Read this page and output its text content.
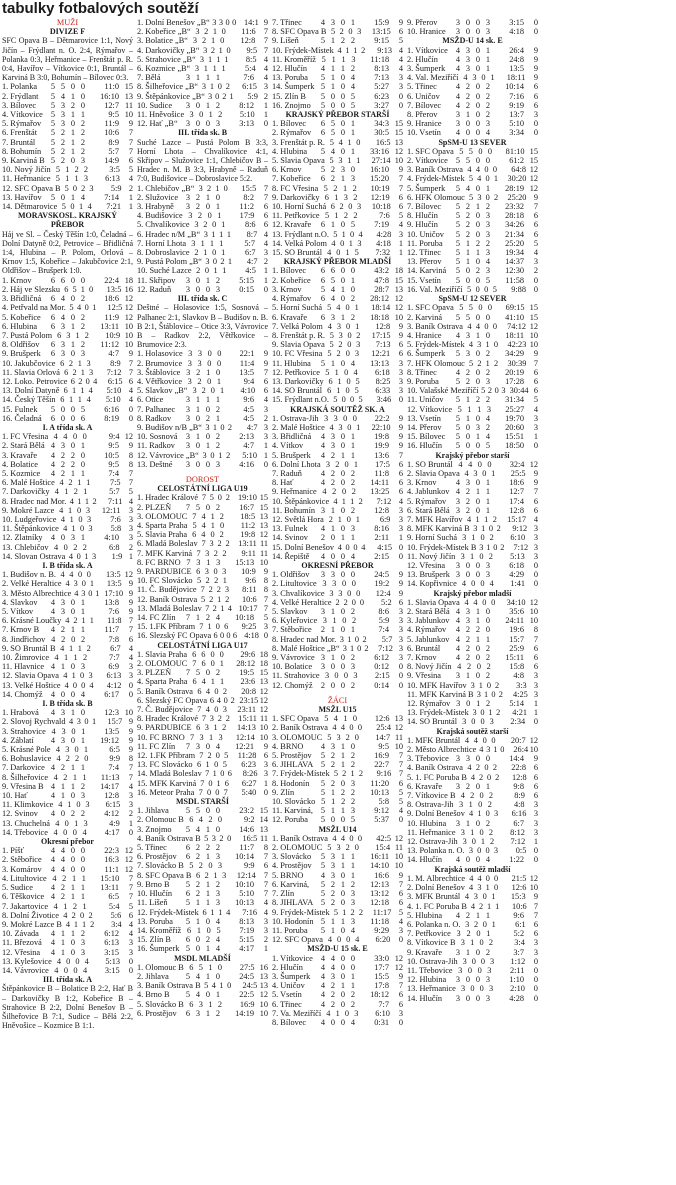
tabulky fotbalových soutěží
MUŽI
DIVIZE F

SFC Opava B – Dětmarovice 1:1, Nový Jičín – Frýdlant n. O. 2:4, Rýmařov – Polanka 0:3, Heřmanice – Frenštát p. R. 0:4, Havířov – Vítkovice 0:1, Bruntál – Karviná B 3:0, Bohumín – Bílovec 0:3.

1. Polanka	5 5 0 0	11:0 15
2. Frýdlant	5 4 1 0	16:10 13
3. Bílovec	5 3 2 0	12:7 11
4. Vítkovice 5 3 1 1	9:5 10
5. Rýmařov	5 3 0 2	11:9	9
6. Frenštát	5 2 1 2	10:6	7
7. Bruntál	5 2 1 2	8:9	7
8. Bohumín	5 2 1 2	5:7	7
9. Karviná B 5 2 0 3	14:9	6
10. Nový Jičín 5 1 2 2	3:5	5
11. Heřmanice 5 1 1 3	6:13	4
12. SFC Opava B 5 0 2 3	5:9 2
13. Havířov	5 0 1 4	7:14	1
14. Dětmarovice 5 0 1 4	7:21 1
MORAVSKOSL. KRAJSKÝ PŘEBOR

Háj ve Sl. – Český Těšín 1:0, Čeladná – Dolní Datyně 0:2, Petrovice – Břidličná 1:4, Hlubina – P. Polom, Orlová – Krnov 1:5, Kobeřice – Jakubčovice 2:1, Oldřišov – Brušperk 1:0.

1. Krnov	6 6 0 0	22:4 18
2. Háj ve Slezsku 6 5 1 0	13:5 16
3. Břidličná	6 4 0 2	18:6 12
4. Petřvald na Mor. 5 4 0 1	12:5 12
5. Kobeřice	6 4 0 2	11:9 12
6. Hlubina	6 3 1 2	13:11 10
7. Pustá Polom 6 3 1 2	10:9 10
8. Oldřišov	6 3 1 2	11:12 10
9. Brušperk	6 3 0 3	4:7	9
10. Jakubčovice 6 2 1 3	8:9 7
11. Slavia Orlová 6 2 1 3	7:12 7
12. Loko. Petrovice 6 2 0 4	6:15 6
13. Dolní Datyně 6 1 1 4	5:10 4
14. Český Těšín 6 1 1 4	5:10 4
15. Fulnek	5 0 0 5	6:16	0
16. Čeladná	6 0 0 6	8:19	0
I. A třída sk. A
1. FC Vřesina 4 4 0 0	9:4 12
2. Stará Bělá 4 3 0 1	9:5	9
3. Kravaře	4 2 2 0	10:5	8
4. Bolatice	4 2 2 0	9:5	8
5. Kozmice	4 2 1 1	7:4	7
6. Malé Hoštice 4 2 1 1	7:5 7
7. Darkovičky 4 1 2 1	5:7	5
8. Hradec nad Mor. 4 1 1 2	7:11 4
9. Mokré Lazce 4 1 0 3	12:11	3
10. Ludgeřovice 4 1 0 3	7:6 3
11. Štěpánkovice 4 1 0 3	5:8 3
12. Zlatníky 4 0 3 1	4:10	3
13. Chlebičov 4 0 2 2	6:8	2
14. Slovan Ostrava 4 0 1 3	1:9 1
I. B třída sk. A
1. Budišov n. B. 4 4 0 0	13:5 12
2. Velké Heraltice 4 3 0 1	13:5 9
3. Město Albrechtice 4 3 0 1 17:10 9
4. Slavkov	4 3 0 1	13:8	9
5. Vítkov	4 3 0 1	7:6	9
6. Krásné Loučky 4 2 1 1	11:8 7
7. Krnov B	4 2 1 1	11:7	7
8. Jindřichov 4 2 0 2	7:8	6
9. SO Bruntál B 4 1 1 2	6:7 4
10. Žimrovice 4 1 1 2	7:7	4
11. Hlavnice 4 1 0 3	6:9	3
12. Slavia Opava 4 1 0 3	6:13 3
13. Velké Hoštice 4 0 0 4	4:12 0
14. Chomýž 4 0 0 4	6:17	0
I. B třída sk. B
1. Hrabová	4 3 1 0	12:3 10
2. Slovoj Rychvald 4 3 0 1	15:7 9
3. Strahovice 4 3 0 1	13:5	9
4. Záblatí	4 3 0 1	19:12	9
5. Krásné Pole 4 3 0 1	6:5	9
6. Bohuslavice 4 2 2 0	9:9	8
7. Darkovice 4 2 1 1	7:4	7
8. Šilheřovice 4 2 1 1	11:13	7
9. Vřesina B 4 1 1 2	14:17	4
10. Hať	4 1 0 3	12:8	3
11. Klimkovice 4 1 0 3	6:15	3
12. Svinov	4 0 2 2	4:12	2
13. Chuchelná 4 0 1 3	4:9	1
14. Třebovice 4 0 0 4	4:17	0
Okresní přebor
1. Píšť	4 4 0 0	22:3 12
2. Stěbořice	4 4 0 0	16:3 12
3. Komárov	4 4 0 0	11:1 12
4. Litultovice 4 2 1 1	15:10	7
5. Sudice	4 2 1 1	13:11	7
6. Těškovice 4 2 1 1	6:5	7
7. Jakartovice 4 1 2 1	5:4	5
8. Dolní Životice 4 2 0 2	5:6 6
9. Mokré Lazce B 4 1 1 2	3:4 4
10. Závada	4 1 1 2	6:12	4
11. Březová	4 1 0 3	6:13	3
12. Vřesina	4 1 0 3	3:15	3
13. Kylešovice 4 0 0 4	5:13	0
14. Vávrovice 4 0 0 4	3:15	0
III. třída sk. A

Štěpánkovice B – Bolatice B 2:2, Hať B – Darkovičky B 1:2, Kobeřice B – Strahovice B 2:2, Dolní Benešov B – Šilheřovice B 7:1, Sudice – Bělá 2:2, Hněvošice – Kozmice B 1:1.

1. Dolní Benešov „B“ 3 3 0 0 14:1 9
2. Kobeřice „B“ 3 2 1 0	11:6 7
3. Bolatice „B“ 3 2 1 0	12:8	7
4. Darkovičky „B“ 3 2 1 0	9:5 7
5. Strahovice „B“ 3 1 1 1	8:5 4
6. Kozmice „B“ 3 1 1 1	5:4 4
7. Bělá	3 1 1 1	7:6	4
8. Šilheřovice „B“ 3 1 0 2	6:15 3
9. Štěpánkovice „B“ 3 0 2 1	5:9 2
10. Sudice	3 0 1 2	8:12	1
11. Hněvošice 3 0 1 2	5:10	1
12. Hať „B“ 3 0 0 3	3:13	0
III. třída sk. B

Suché Lazce – Pustá Polom B 3:3, Horní Lhota – Chvalíkovice 4:1, Skřipov – Služovice 1:1, Chlebičov B – Hradec n. M. B 3:3, Hrabyně – Raduň 7:0, Budišovice – Dobroslavice 5:2.

1. Chlebičov „B“ 3 2 1 0	15:5 7
2. Služovice 3 2 1 0	8:2	7
3. Hrabyně	3 2 0 1	11:2	6
4. Budišovice 3 2 0 1	17:9	6
5. Chvalíkovice 3 2 0 1	8:6	6
6. Hradec n/M „B“ 3 1 1 1	8:7 4
7. Horní Lhota 3 1 1 1	5:7	4
8. Dobroslavice 2 1 0 1	6:7	3
9. Pustá Polom „B“ 3 0 2 1	4:7 2
10. Suché Lazce 2 0 1 1	4:5 1
11. Skřipov	3 0 1 2	5:15	1
12. Raduň	3 0 0 3	0:15	0
III. třída sk. C

Deštné – Holasovice 1:5, Sosnová – Palhanec 2:1, Slavkov B – Budišov n. B. B 2:1, Štáblovice – Otice 3:3, Vávrovice B – Radkov 2:2, Větřkovice – Brumovice 2:3.

1. Holasovice 3 3 0 0	22:1	9
2. Brumovice 3 3 0 0	11:4	9
3. Štáblovice 3 2 1 0	13:5	7
4. Větřkovice 3 2 0 1	9:4	6
5. Slavkov „B“ 3 2 0 1	4:10	6
6. Otice	3 1 1 1	9:6	4
7. Palhanec	3 1 0 2	4:5	3
8. Radkov	3 0 2 1	4:5	2
9. Budišov n/B „B“ 3 1 0 2	4:7 3
10. Sosnová 3 1 0 2	2:13	3
11. Radkov	3 0 1 2	4:7	1
12. Vávrovice „B“ 3 0 1 2	5:10 1
13. Deštné	3 0 0 3	4:16	0
DOROST
CELOSTÁTNÍ LIGA U19
1. Hradec Králové 7 5 0 2 19:10 15
2. PLZEŇ	7 5 0 2	16:7 15
3. OLOMOUC 7 4 1 2	18:5 13
4. Sparta Praha 5 4 1 0	11:2 13
5. Slavia Praha 6 4 0 2	19:8 12
6. Mladá Boleslav 7 3 2 2	13:11 11
7. MFK Karviná 7 3 2 2	9:11 11
8. FC BRNO 7 3 1 3	15:13 10
9. PARDUBICE 6 3 0 3	10:9 9
10. FC Slovácko 5 2 2 1	9:6 8
11. Č. Budějovice 7 2 2 3	8:11 8
12. Baník Ostrava 5 2 1 2	10:6 7
13. Mladá Boleslav 7 2 1 4 10:17 7
14. FC Zlín	7 1 2 4	10:18	5
15. 1.FK Příbram 7 1 0 6	9:25 3
16. Slezský FC Opava 6 0 0 6 4:18 0
CELOSTÁTNÍ LIGA U17
1. Slavia Praha 6 6 0 0	29:6 18
2. OLOMOUC 7 6 0 1	28:12 18
3. PLZEŇ	7 5 0 2	19:5 15
4. Sparta Praha 6 4 1 1	23:6 13
5. Baník Ostrava 6 4 0 2	20:8 12
6. Slezský FC Opava 6 4 0 2 23:15 12
7. Č. Budějovice 7 4 0 3	23:11 12
8. Hradec Králové 7 3 2 2	15:11 11
9. PARDUBICE 6 3 1 2	14:13 10
10. FC BRNO 7 3 1 3	12:14 10
11. FC Zlín	7 3 0 4	12:21	9
12. 1.FK Příbram 7 2 0 5	11:28 6
13. FC Slovácko 6 1 0 5	6:23 3
14. Mladá Boleslav 7 1 0 6	8:26 3
15. MFK Karviná 7 0 1 6	6:27 1
16. Meteor Praha 7 0 0 7	5:40 0
MSDL STARŠÍ
1. Jihlava	5 5 0 0	23:2 15
2. Olomouc B 6 4 2 0	9:2 14
3. Znojmo	5 4 1 0	14:6 13
4. Baník Ostrava B 5 3 2 0	16:5 11
5. Třinec	6 2 2 2	11:7	8
6. Prostějov	6 2 1 3	10:14	7
7. Slovácko B 5 2 0 3	9:9	6
8. SFC Opava B 6 2 1 3	12:14 7
9. Brno B	5 2 1 2	10:10	7
10. Hlučín	6 2 1 3	5:10	7
11. Líšeň	5 1 1 3	10:13	4
12. Frýdek-Místek 6 1 1 4	7:16 4
13. Poruba	5 1 0 4	8:13	3
14. Kroměříž 6 1 0 5	7:19	3
15. Zlín B	6 0 2 4	5:15	2
16. Šumperk 5 0 1 4	4:17	1
MSDL MLADŠÍ
1. Olomouc B 6 5 1 0	27:5 16
2. Jihlava	5 4 1 0	24:5 13
3. Baník Ostrava B 5 4 1 0	24:5 13
4. Brno B	5 4 0 1	22:5 12
5. Slovácko B 6 3 1 2	16:9 10
6. Prostějov	6 3 1 2	14:19 10
7. Třinec	4 3 0 1	15:9	9
8. SFC Opava B 5 2 0 3	13:15 6
9. Líšeň	5 1 2 2	9:15	5
10. Frýdek-Místek 4 1 1 2	9:13 4
11. Kroměříž 5 1 1 3	11:18	4
12. Hlučín	4 1 1 2	8:13	4
13. Poruba	5 1 0 4	7:13	3
14. Šumperk 5 1 0 4	5:27	3
15. Zlín B	5 0 0 5	6:23	0
16. Znojmo	5 0 0 5	3:27	0
KRAJSKÝ PŘEBOR STARŠÍ
1. Bílovec	6 5 0 1	34:3 15
2. Rýmařov	6 5 0 1	30:5 15
3. Frenštát p. R. 5 4 1 0	16:5 13
4. Hlubina	5 4 0 1	33:16 12
5. Slavia Opava 5 3 1 1	27:14 10
6. Krnov	5 2 3 0	16:10	9
7. Kobeřice	6 2 1 3	15:20	7
8. FC Vřesina 5 2 1 2	10:19	7
9. Darkovičky 6 1 3 2	12:19	6
10. Horní Suchá 6 2 0 3	10:18 6
11. Petřkovice 5 1 2 2	7:6	5
12. Kravaře	6 1 0 5	7:19	4
13. Frýdlant n.O. 5 1 0 4	4:28 3
14. Velká Polom 4 0 1 3	4:18 1
15. SO Bruntál 4 0 1 5	7:32	1
KRAJSKÝ PŘEBOR MLADŠÍ
1. Bílovec	6 6 0 0	43:2 18
2. Kobeřice	6 5 0 1	47:8 15
3. Krnov	5 4 1 0	28:7 13
4. Rýmařov	6 4 0 2	28:12 12
5. Horní Suchá 5 4 0 1	18:14 12
6. Kravaře	6 3 1 2	18:18 10
7. Velká Polom 4 3 0 1	12:8	9
8. Frenštát p. R. 5 3 0 2	17:15 9
9. Slavia Opava 5 2 0 3	7:13 6
10. FC Vřesina 5 2 0 3	12:21	6
11. Hlubina	5 1 0 4	13:13	3
12. Petřkovice 5 1 0 4	6:18	3
13. Darkovičky 6 1 0 5	8:25	3
14. SO Bruntál 6 1 0 5	6:33	3
15. Frýdlant n.O. 5 0 0 5	3:46 0
KRAJSKÁ SOUTĚŽ SK. A
1. Ostrava-Jih 3 3 0 0	22:2	9
2. Malé Hoštice 4 3 0 1	22:10 9
3. Břidličná	4 3 0 1	19:8	9
4. Vítkov	4 3 0 1	19:9	9
5. Brušperk	4 2 1 1	13:6	7
6. Dolní Lhota 3 2 0 1	17:5	6
7. Raduň	4 2 0 2	11:8	6
8. Hať	4 2 0 2	14:11	6
9. Heřmanice 4 2 0 2	13:25	6
10. Štěpánkovice 4 1 1 2	7:12 4
11. Bohumín 3 1 0 2	12:8	3
12. Světlá Hora 2 1 0 1	6:9	3
13. Fulnek	4 1 0 3	8:16	3
14. Svinov	2 0 1 1	2:11	1
15. Dolní Benešov 4 0 0 4	4:15 0
14. Řepiště	4 0 0 4	2:15	0
OKRESNÍ PŘEBOR
1. Oldřišov	3 3 0 0	24:5	9
2. Litultovice 3 3 0 0	19:2	9
3. Chvalíkovice 3 3 0 0	12:4	9
4. Velké Heraltice 2 2 0 0	5:2 6
5. Slavkov	3 1 0 2	8:6	3
6. Kyleřovice 3 1 0 2	5:9	3
7. Stěbořice	2 1 0 1	7:4	3
8. Hradec nad Mor. 3 1 0 2	5:7 3
8. Malé Hoštice „B“ 3 1 0 2	7:12 3
9. Vávrovice 3 1 0 2	6:12	3
10. Bolatice	3 0 0 3	0:12	0
11. Strahovice 3 0 0 3	2:15	0
12. Chomýž 2 0 0 2	0:14	0
ŽÁCI
MSŽL U15
1. SFC Opava 5 4 1 0	12:6 13
2. Baník Ostrava 4 4 0 0	25:4 12
3. OLOMOUC 5 3 2 0	14:7 11
4. BRNO	4 3 1 0	9:5 10
5. Prostějov	5 2 1 2	16:9	7
6. JIHLAVA 5 2 1 2	22:7	7
7. Frýdek-Místek 5 2 1 2	9:16 7
8. Hodonín	5 2 0 3	11:20	6
9. Zlín	5 1 2 2	10:13	5
10. Slovácko 5 1 2 2	5:8	5
11. Karviná, 5 1 1 3	9:12	4
12. Poruba	5 0 0 5	5:37	0
MSŽL U14
1. Baník Ostrava 4 4 0 0	42:5 12
2. OLOMOUC 5 3 2 0	15:4 11
3. Slovácko	5 3 1 1	16:11 10
4. Prostějov	5 3 1 1	14:10 10
5. BRNO	4 3 0 1	16:6	9
6. Karviná,	5 2 1 2	12:13	7
7. Zlín	5 2 0 3	13:12	6
8. JIHLAVA 5 2 0 3	12:18	6
9. Frýdek-Místek 5 1 2 2	11:17 5
10. Hodonín 5 1 1 3	11:18	4
11. Poruba	5 1 0 4	9:29	3
12. SFC Opava 4 0 0 4	6:20	0
MSŽD-U 15 sk. E
1. Vítkovice 4 4 0 0	33:0 12
2. Hlučín	4 4 0 0	17:7 12
3. Šumperk	4 3 0 1	15:5	9
4. Uničov	4 2 1 1	17:8	7
5. Vsetín	4 2 0 2	18:12	6
6. Třinec	4 2 0 2	7:7	6
7. Va. Meziříčí 4 1 0 3	6:10	3
8. Bílovec	4 0 0 4	0:31	0
9. Přerov	3 0 0 3	3:15	0
10. Hranice	3 0 0 3	4:18	0
MSŽD-U 14 sk. E
1. Vítkovice 4 3 0 1	26:4	9
2. Hlučín	4 3 0 1	24:8	9
3. Šumperk	4 3 0 1	13:5	9
4. Val. Meziříčí 4 3 0 1	18:11	9
5. Třinec	4 2 0 2	10:14	6
6. Uničov	4 2 0 2	7:16	6
7. Bílovec	4 2 0 2	9:19	6
8. Přerov	3 1 0 2	13:7	3
9. Hranice	3 0 0 3	5:10	0
10. Vsetín	4 0 0 4	3:34	0
SpSM-U 13 SEVER
1. SFC Opava 5 5 0 0	81:10 15
2. Vítkovice 5 5 0 0	61:2 15
3. Baník Ostrava 4 4 0 0	64:8 12
4. Frýdek-Místek 5 4 0 1	30:20 12
5. Šumperk	5 4 0 1	28:19 12
6. HFK Olomouc 5 3 0 2	25:20 9
7. Bílovec	5 2 1 2	23:32	7
8. Hlučín	5 2 0 3	28:18	6
9. Hlučín	5 2 0 3	34:26	6
10. Uničov	5 2 0 3	21:34	6
11. Poruba	5 1 2 2	25:20	5
12. Třinec	5 1 1 3	19:34	4
13. Přerov	5 1 0 4	14:37	3
14. Karviná	5 0 2 3	12:30	2
15. Vsetín	5 0 0 5	11:58	0
16. Val. Meziříčí 5 0 0 5	9:88 0
SpSM-U 12 SEVER
1. SFC Opava 5 5 0 0	69:15 15
2. Karviná	5 5 0 0	41:10 15
3. Baník Ostrava 4 4 0 0	74:12 12
4. Hranice	4 3 1 0	18:11 10
5. Frýdek-Místek 4 3 1 0	42:23 10
6. Šumperk	5 3 0 2	34:29	9
7. HFK Olomouc 5 2 1 2	30:39 7
8. Třinec	4 2 0 2	20:19	6
9. Poruba	5 2 0 3	17:28	6
10. Valašské Meziříčí 5 2 0 3 30:44 6
11. Uničov	5 1 2 2	31:34	5
12. Vítkovice 5 1 1 3	25:27	4
13. Vsetín	5 1 0 4	19:70	3
14. Přerov	5 0 3 2	20:60	3
15. Bílovec	5 0 1 4	15:51	1
16. Hlučín	5 0 0 5	18:50	0
Krajský přebor starší
1. SO Bruntál 4 4 0 0	32:4 12
2. Slavia Opava 4 3 0 1	25:5 9
3. Krnov	4 3 0 1	18:6	9
4. Jablunkov 4 2 1 1	12:7	7
5. Rýmařov	3 2 0 1	17:4	6
6. Stará Bělá 3 2 0 1	12:8	6
7. MFK Havířov 4 1 1 2	15:17 4
8. MFK Karviná B 3 1 0 2	9:12 3
9. Horní Suchá 3 1 0 2	6:10	3
10. Frýdek-Místek B 3 1 0 2	7:12 3
11. Nový Jičín 3 1 0 2	5:13	3
12. Vřesina	3 0 0 3	6:18	0
13. Brušperk 3 0 0 3	4:29	0
14. Kopřivnice 4 0 0 4	1:41	0
Krajský přebor mladší
1. Slavia Opava 4 4 0 0	34:10 12
2. Stará Bělá 4 3 1 0	35:6 10
3. Jablunkov 4 3 1 0	24:11 10
4. Rýmařov	4 2 2 0	19:6	8
5. Jablunkov 4 2 1 1	15:7	7
6. Bruntál	4 2 0 2	25:9	6
7. Krnov	4 2 0 2	15:11	6
8. Nový Jičín 4 2 0 2	15:8	6
9. Vřesina	3 1 0 2	4:8	3
10. MFK Havířov 3 1 0 2	3:3 3
11. MFK Karviná B 3 1 0 2	4:25 3
12. Rýmařov 3 0 1 2	5:14	1
13. Frýdek-Místek 3 0 1 2	4:21 1
14. SO Bruntál 3 0 0 3	2:34	0
Krajská soutěž starší
1. MFK Bruntál 4 4 0 0	20:7 12
2. Město Albrechtice 4 3 1 0	26:4 10
3. Třebovice 3 3 0 0	14:4	9
4. Baník Ostrava 4 2 0 2	22:8 6
5. 1. FC Poruba B 4 2 0 2	12:8 6
6. Kravaře	3 2 0 1	9:8	6
7. Vítkovice B 4 2 0 2	8:9	6
8. Ostrava-Jih 3 1 0 2	4:8	3
9. Dolní Benešov 4 1 0 3	6:16 3
10. Hlubina	3 1 0 2	6:7	3
11. Heřmanice 3 1 0 2	8:12	3
12. Ostrava-Jih 3 0 1 2	7:12	1
13. Polanka n. O. 3 0 0 3	0:5 0
14. Hlučín	4 0 0 4	1:22	0
Krajská soutěž mladší
1. M. Albrechtice 4 4 0 0	21:5 12
2. Dolní Benešov 4 3 1 0	12:6 10
3. MFK Bruntál 4 3 0 1	15:3 9
4. 1. FC Poruba B 4 2 1 1	10:6 7
5. Hlubina	4 2 1 1	9:6	7
6. Polanka n. O. 3 2 0 1	6:1 6
7. Petřkovice 3 2 0 1	5:2	6
8. Vítkovice B 3 1 0 2	3:4	3
9. Kravaře	3 1 0 2	3:7	3
10. Ostrava-Jih 3 0 0 3	1:12	0
11. Třebovice 3 0 0 3	2:11	0
12. Hlubina	3 0 0 3	1:10	0
13. Heřmanice 3 0 0 3	2:10	0
14. Hlučín	3 0 0 3	4:28	0
